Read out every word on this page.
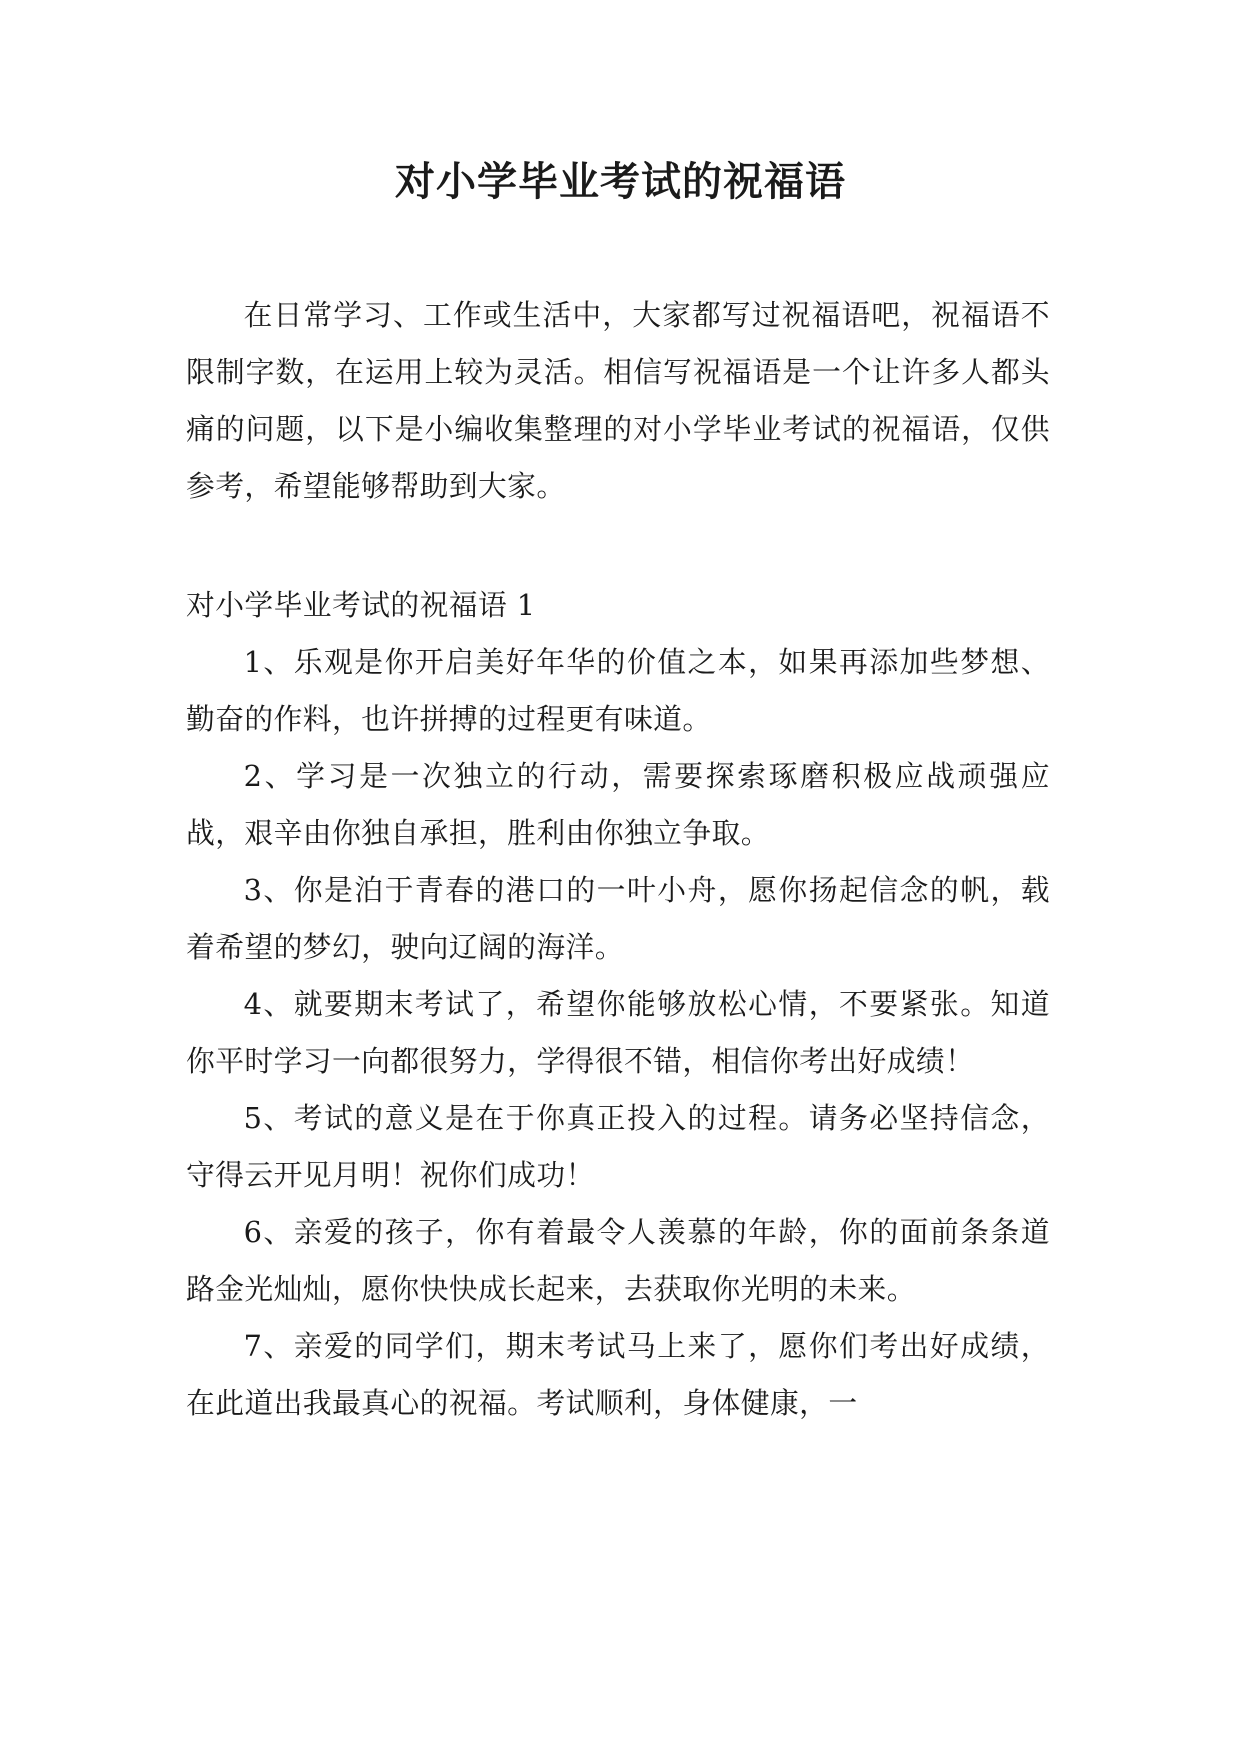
对小学毕业考试的祝福语

在日常学习、工作或生活中，大家都写过祝福语吧，祝福语不限制字数，在运用上较为灵活。相信写祝福语是一个让许多人都头痛的问题，以下是小编收集整理的对小学毕业考试的祝福语，仅供参考，希望能够帮助到大家。

对小学毕业考试的祝福语 1

1、乐观是你开启美好年华的价值之本，如果再添加些梦想、勤奋的作料，也许拼搏的过程更有味道。

2、学习是一次独立的行动，需要探索琢磨积极应战顽强应战，艰辛由你独自承担，胜利由你独立争取。

3、你是泊于青春的港口的一叶小舟，愿你扬起信念的帆，载着希望的梦幻，驶向辽阔的海洋。

4、就要期末考试了，希望你能够放松心情，不要紧张。知道你平时学习一向都很努力，学得很不错，相信你考出好成绩！

5、考试的意义是在于你真正投入的过程。请务必坚持信念，守得云开见月明！祝你们成功！

6、亲爱的孩子，你有着最令人羡慕的年龄，你的面前条条道路金光灿灿，愿你快快成长起来，去获取你光明的未来。

7、亲爱的同学们，期末考试马上来了，愿你们考出好成绩，在此道出我最真心的祝福。考试顺利，身体健康，一
